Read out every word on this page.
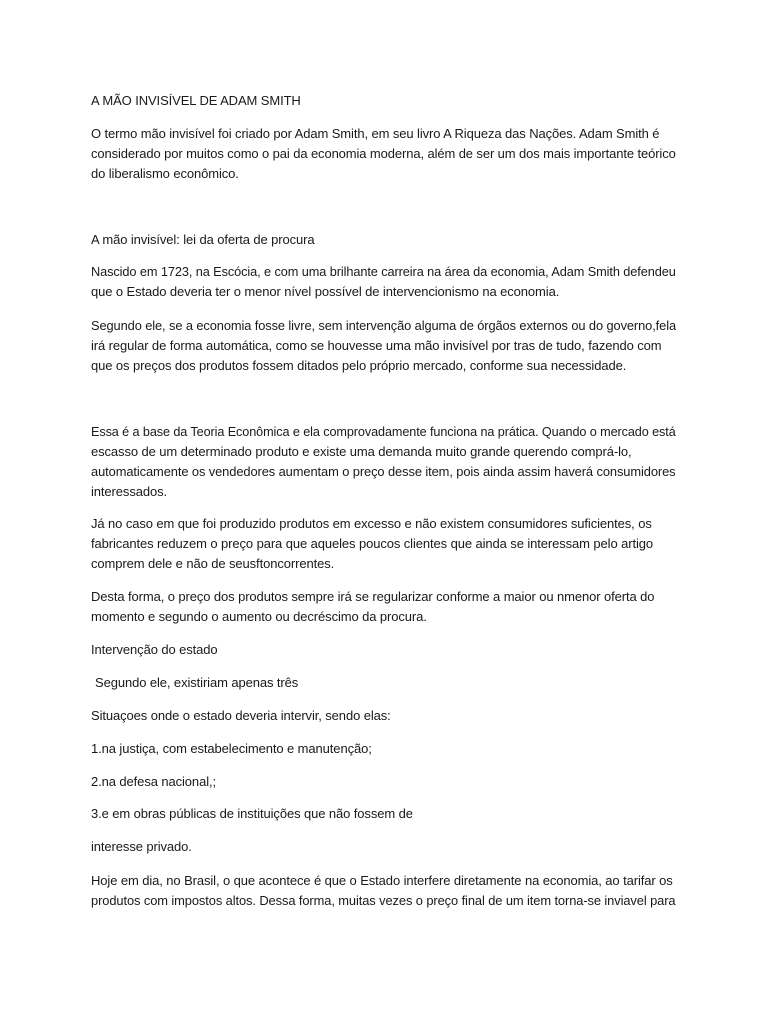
A MÃO INVISÍVEL DE ADAM SMITH
O termo mão invisível foi criado por Adam Smith, em seu livro A Riqueza das Nações. Adam Smith é
considerado por muitos como o pai da economia moderna, além de ser um dos mais importante teórico
do liberalismo econômico.
A mão invisível: lei da oferta de procura
Nascido em 1723, na Escócia, e com uma brilhante carreira na área da economia, Adam Smith defendeu
que o Estado deveria ter o menor nível possível de intervencionismo na economia.
Segundo ele, se a economia fosse livre, sem intervenção alguma de órgãos externos ou do governo,fela
irá regular de forma automática, como se houvesse uma mão invisível por tras de tudo, fazendo com
que os preços dos produtos fossem ditados pelo próprio mercado, conforme sua necessidade.
Essa é a base da Teoria Econômica e ela comprovadamente funciona na prática. Quando o mercado está
escasso de um determinado produto e existe uma demanda muito grande querendo comprá-lo,
automaticamente os vendedores aumentam o preço desse item, pois ainda assim haverá consumidores
interessados.
Já no caso em que foi produzido produtos em excesso e não existem consumidores suficientes, os
fabricantes reduzem o preço para que aqueles poucos clientes que ainda se interessam pelo artigo
comprem dele e não de seusftoncorrentes.
Desta forma, o preço dos produtos sempre irá se regularizar conforme a maior ou nmenor oferta do
momento e segundo o aumento ou decréscimo da procura.
Intervenção do estado
Segundo ele, existiriam apenas três
Situaçoes onde o estado deveria intervir, sendo elas:
1.na justiça, com estabelecimento e manutenção;
2.na defesa nacional,;
3.e em obras públicas de instituições que não fossem de
interesse privado.
Hoje em dia, no Brasil, o que acontece é que o Estado interfere diretamente na economia, ao tarifar os
produtos com impostos altos. Dessa forma, muitas vezes o preço final de um item torna-se inviavel para
